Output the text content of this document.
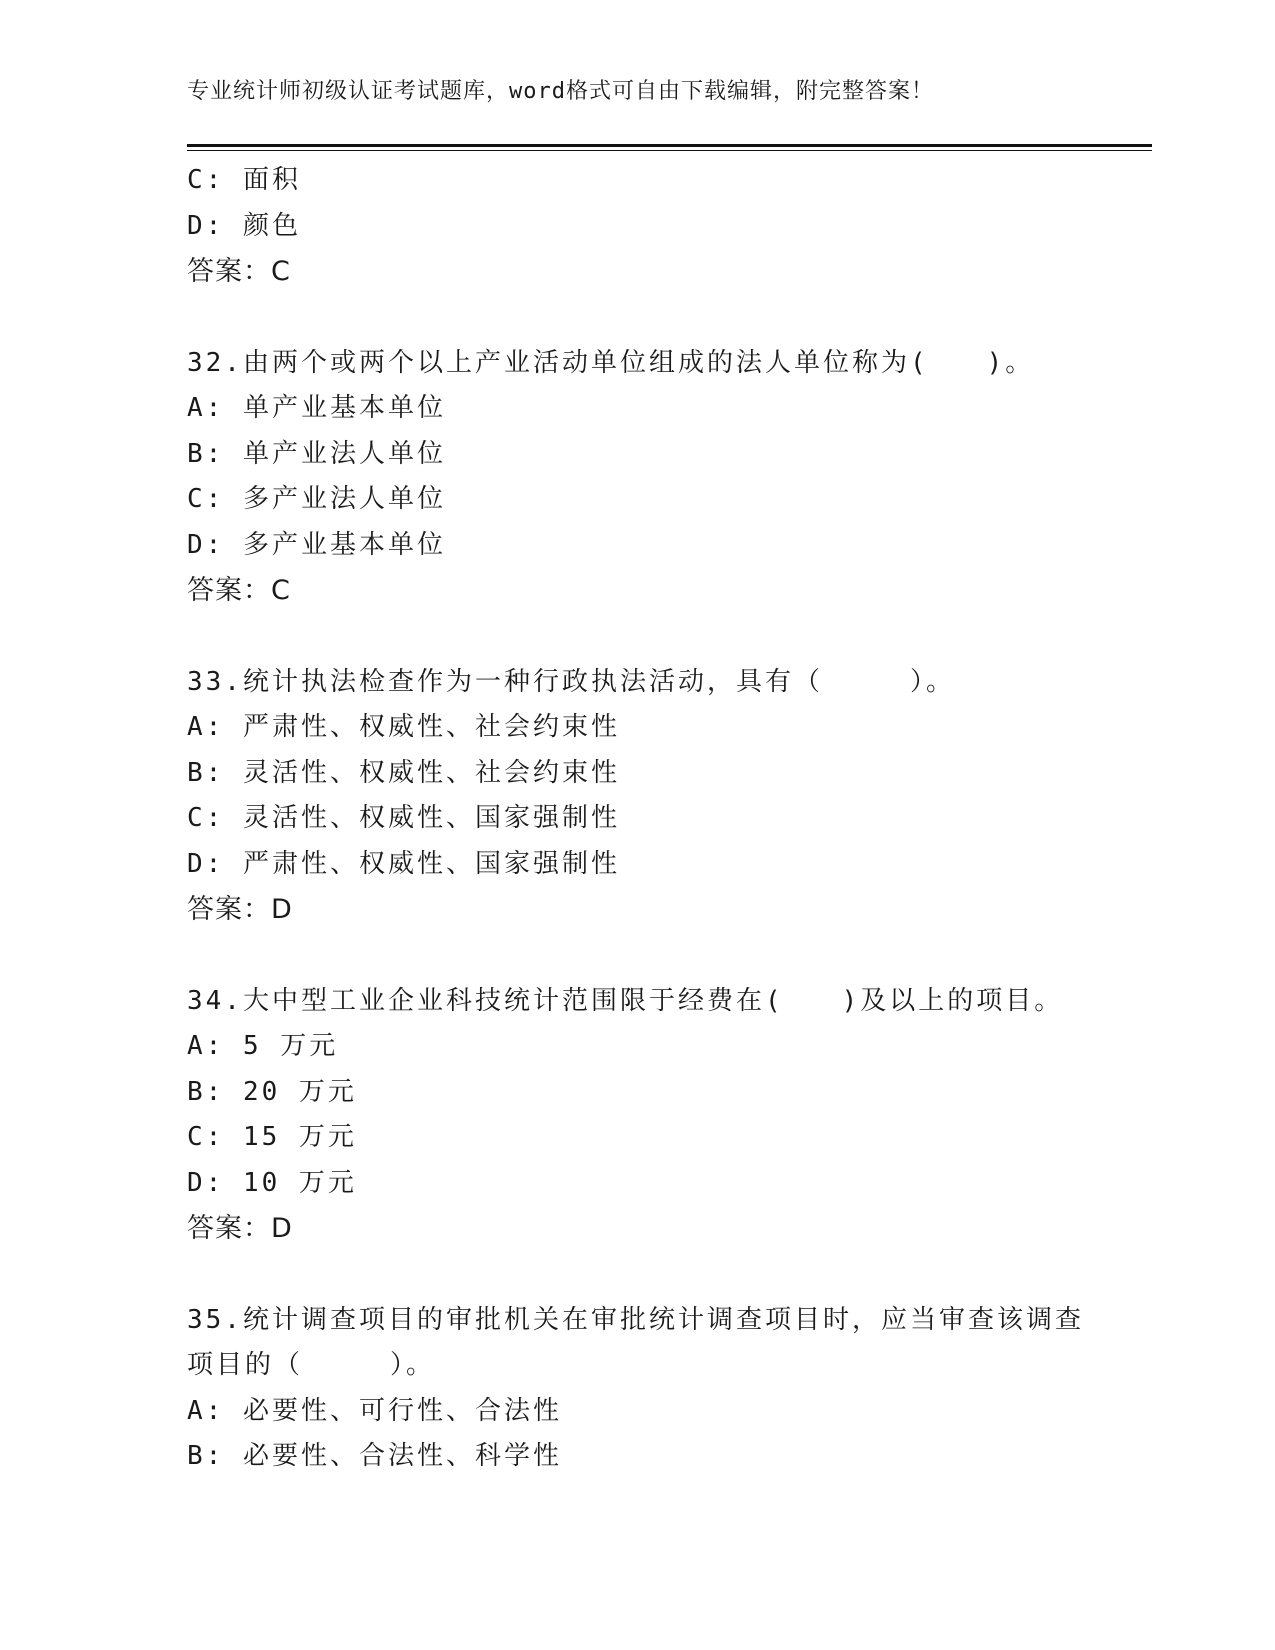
专业统计师初级认证考试题库，word格式可自由下载编辑，附完整答案！
C: 面积
D: 颜色
答案：C
32.由两个或两个以上产业活动单位组成的法人单位称为(　　)。
A: 单产业基本单位
B: 单产业法人单位
C: 多产业法人单位
D: 多产业基本单位
答案：C
33.统计执法检查作为一种行政执法活动，具有（　　　）。
A: 严肃性、权威性、社会约束性
B: 灵活性、权威性、社会约束性
C: 灵活性、权威性、国家强制性
D: 严肃性、权威性、国家强制性
答案：D
34.大中型工业企业科技统计范围限于经费在(　　)及以上的项目。
A: 5 万元
B: 20 万元
C: 15 万元
D: 10 万元
答案：D
35.统计调查项目的审批机关在审批统计调查项目时，应当审查该调查
项目的（　　　）。
A: 必要性、可行性、合法性
B: 必要性、合法性、科学性
